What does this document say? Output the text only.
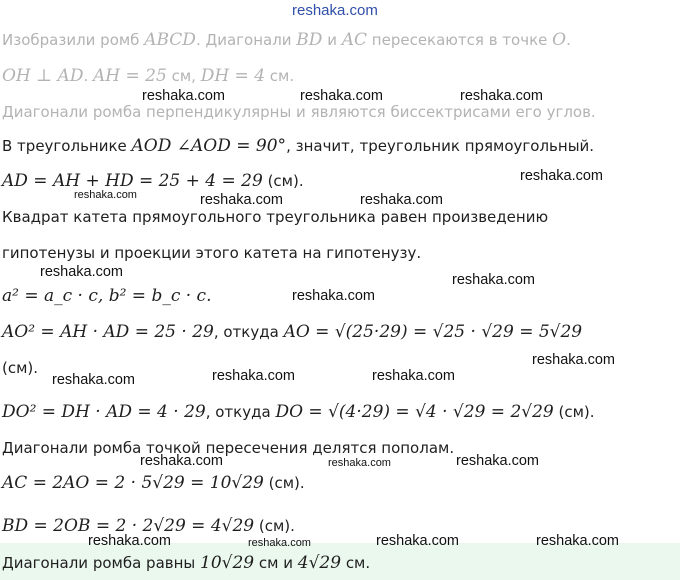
reshaka.com
Изобразили ромб ABCD. Диагонали BD и AC пересекаются в точке O.
OH ⊥ AD. AH = 25 см, DH = 4 см.
Диагонали ромба перпендикулярны и являются биссектрисами его углов.
В треугольнике AOD ∠AOD = 90°, значит, треугольник прямоугольный.
AD = AH + HD = 25 + 4 = 29 (см).
Квадрат катета прямоугольного треугольника равен произведению
гипотенузы и проекции этого катета на гипотенузу.
a² = a_c · c, b² = b_c · c.
AO² = AH · AD = 25 · 29, откуда AO = √(25·29) = √25 · √29 = 5√29
(см).
DO² = DH · AD = 4 · 29, откуда DO = √(4·29) = √4 · √29 = 2√29 (см).
Диагонали ромба точкой пересечения делятся пополам.
AC = 2AO = 2 · 5√29 = 10√29 (см).
BD = 2OB = 2 · 2√29 = 4√29 (см).
Диагонали ромба равны 10√29 см и 4√29 см.
reshaka.com	reshaka.com	reshaka.com
reshaka.com
reshaka.com	reshaka.com	reshaka.com
reshaka.com	reshaka.com
reshaka.com
reshaka.com
reshaka.com	reshaka.com	reshaka.com
reshaka.com	reshaka.com	reshaka.com
reshaka.com	reshaka.com	reshaka.com	reshaka.com
